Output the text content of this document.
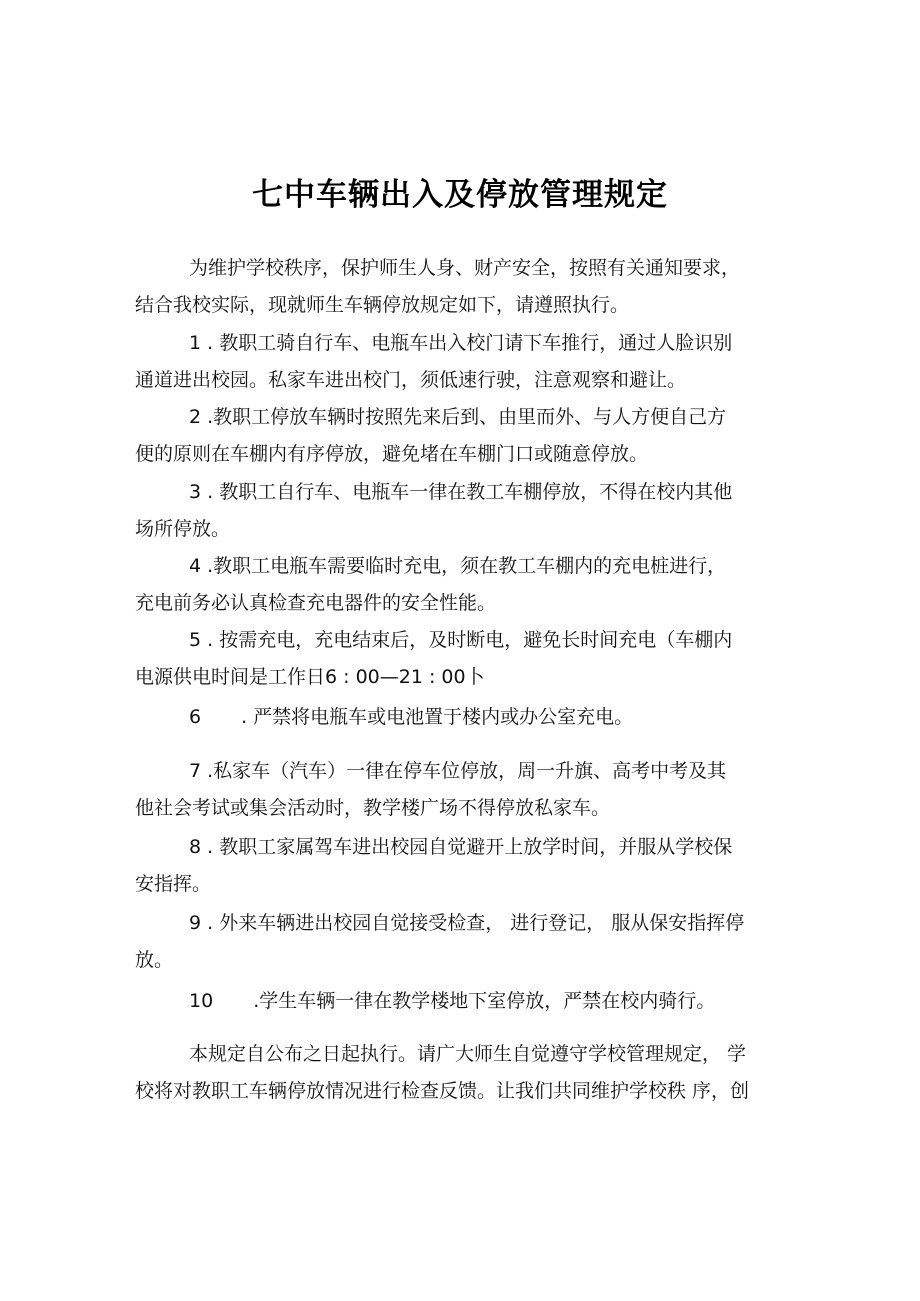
七中车辆出入及停放管理规定
为维护学校秩序，保护师生人身、财产安全，按照有关通知要求，
结合我校实际，现就师生车辆停放规定如下，请遵照执行。
1 . 教职工骑自行车、电瓶车出入校门请下车推行，通过人脸识别
通道进出校园。私家车进出校门，须低速行驶，注意观察和避让。
2 .教职工停放车辆时按照先来后到、由里而外、与人方便自己方
便的原则在车棚内有序停放，避免堵在车棚门口或随意停放。
3 . 教职工自行车、电瓶车一律在教工车棚停放，不得在校内其他
场所停放。
4 .教职工电瓶车需要临时充电，须在教工车棚内的充电桩进行，
充电前务必认真检查充电器件的安全性能。
5 . 按需充电，充电结束后，及时断电，避免长时间充电（车棚内
电源供电时间是工作日6 : 00—21 : 00卜
6 . 严禁将电瓶车或电池置于楼内或办公室充电。
7 .私家车（汽车）一律在停车位停放，周一升旗、高考中考及其
他社会考试或集会活动时，教学楼广场不得停放私家车。
8 . 教职工家属驾车进出校园自觉避开上放学时间，并服从学校保
安指挥。
9 . 外来车辆进出校园自觉接受检查， 进行登记， 服从保安指挥停
放。
10 .学生车辆一律在教学楼地下室停放，严禁在校内骑行。
本规定自公布之日起执行。请广大师生自觉遵守学校管理规定， 学
校将对教职工车辆停放情况进行检查反馈。让我们共同维护学校秩 序，创
